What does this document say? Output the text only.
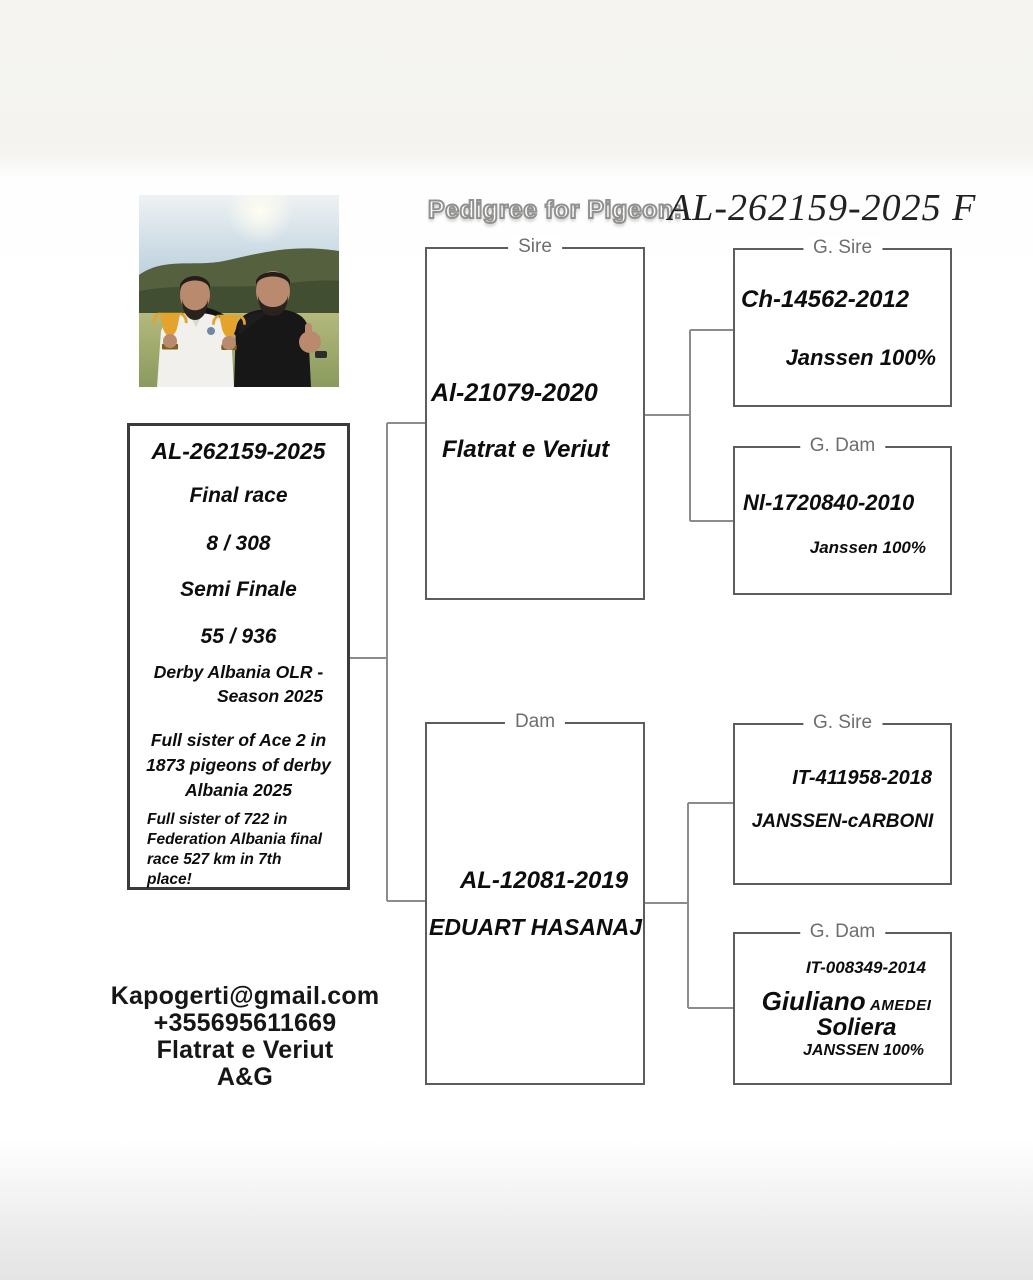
Pedigree for Pigeon:
AL-262159-2025 F
AL-262159-2025
Final race
8 / 308
Semi Finale
55 / 936
Derby Albania OLR -
Season 2025
Full sister of Ace 2 in
1873 pigeons of derby
Albania 2025
Full sister of 722 in
Federation Albania final
race 527 km in 7th
place!
Sire
Al-21079-2020
Flatrat e Veriut
Dam
AL-12081-2019
EDUART HASANAJ
G. Sire
Ch-14562-2012
Janssen 100%
G. Dam
Nl-1720840-2010
Janssen 100%
G. Sire
IT-411958-2018
JANSSEN-cARBONI
G. Dam
IT-008349-2014
Giuliano AMEDEI
Soliera
JANSSEN 100%
Kapogerti@gmail.com
+355695611669
Flatrat e Veriut
A&G
